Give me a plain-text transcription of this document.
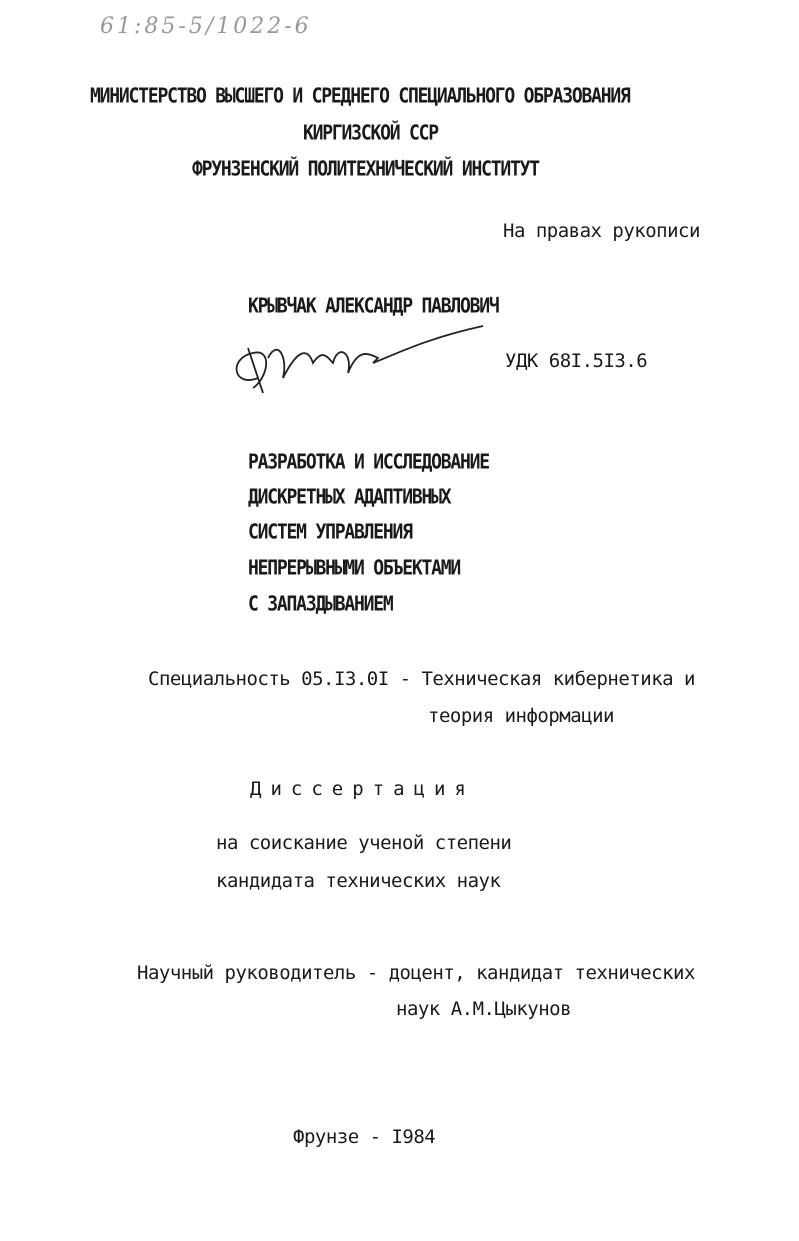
61:85-5/1022-6
МИНИСТЕРСТВО ВЫСШЕГО И СРЕДНЕГО СПЕЦИАЛЬНОГО ОБРАЗОВАНИЯ
КИРГИЗСКОЙ ССР
ФРУНЗЕНСКИЙ ПОЛИТЕХНИЧЕСКИЙ ИНСТИТУТ
На правах рукописи
КРЫВЧАК АЛЕКСАНДР ПАВЛОВИЧ
УДК 68I.5I3.6
РАЗРАБОТКА И ИССЛЕДОВАНИЕ
ДИСКРЕТНЫХ АДАПТИВНЫХ
СИСТЕМ УПРАВЛЕНИЯ
НЕПРЕРЫВНЫМИ ОБЪЕКТАМИ
С ЗАПАЗДЫВАНИЕМ
Специальность 05.I3.0I - Техническая кибернетика и
теория информации
Диссертация
на соискание ученой степени
кандидата технических наук
Научный руководитель - доцент, кандидат технических
наук А.М.Цыкунов
Фрунзе - I984
